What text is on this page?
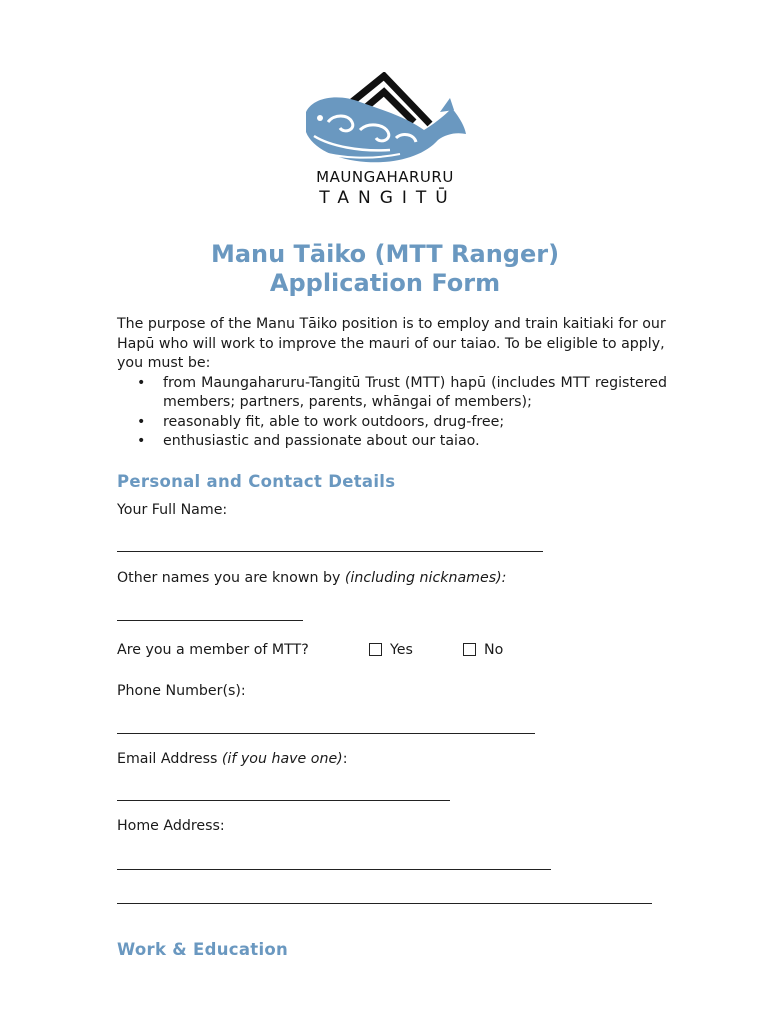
MAUNGAHARURU
TANGITŪ
Manu Tāiko (MTT Ranger)
Application Form

The purpose of the Manu Tāiko position is to employ and train kaitiaki for our Hapū who will work to improve the mauri of our taiao. To be eligible to apply, you must be:

• from Maungaharuru-Tangitū Trust (MTT) hapū (includes MTT registered members; partners, parents, whāngai of members);
• reasonably fit, able to work outdoors, drug-free;
• enthusiastic and passionate about our taiao.
Personal and Contact Details
Your Full Name:
Other names you are known by (including nicknames):
Are you a member of MTT?	Yes	No
Phone Number(s):
Email Address (if you have one):
Home Address:
Work & Education
